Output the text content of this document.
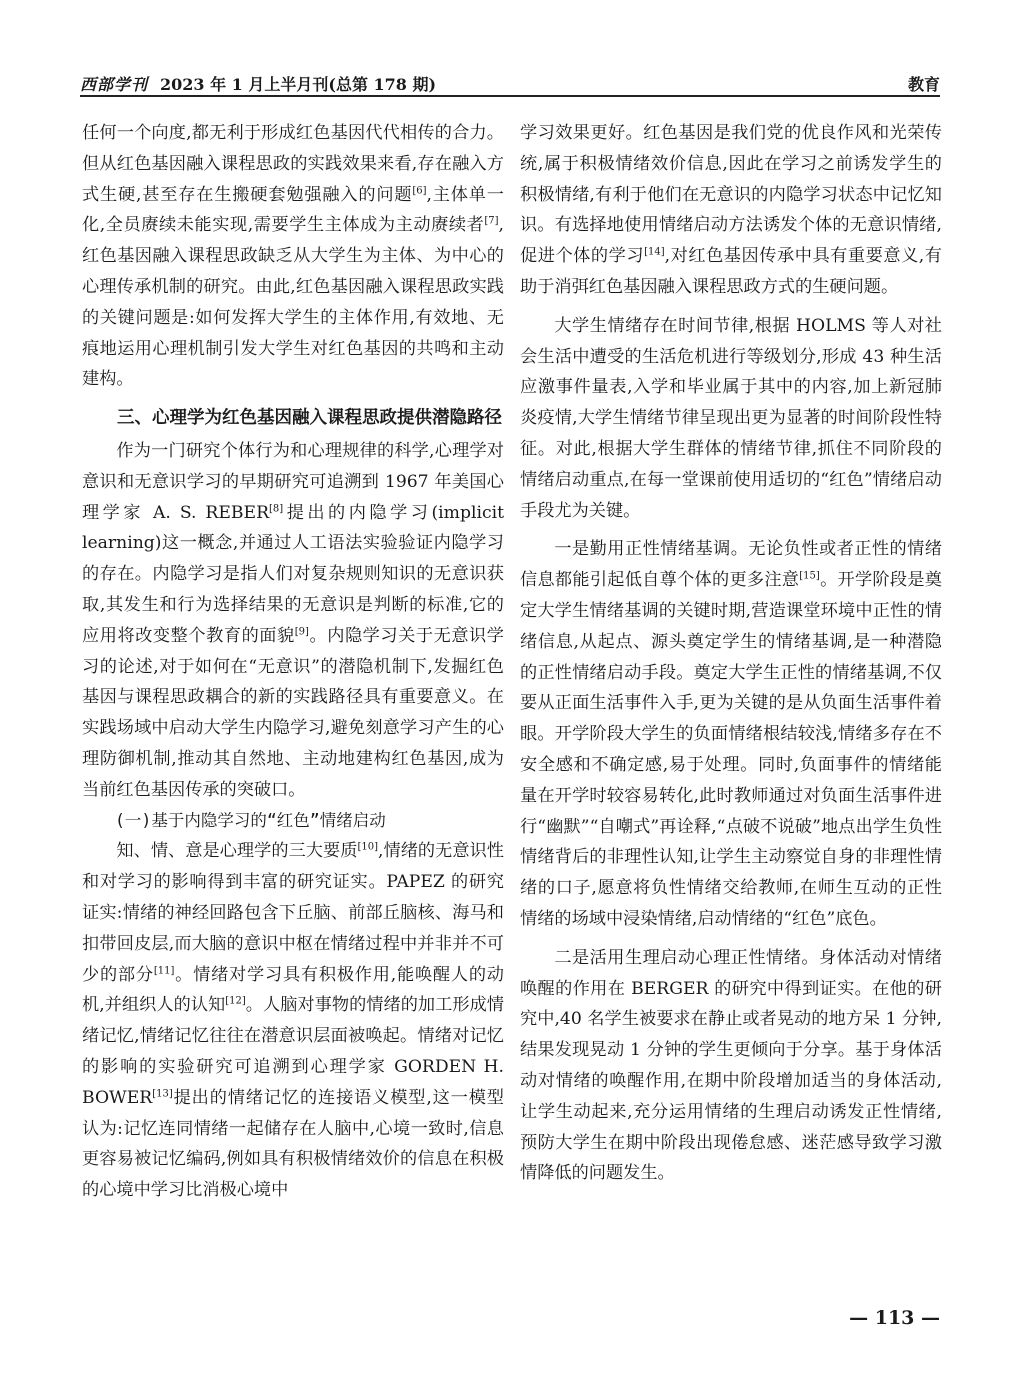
西部学刊 2023 年 1 月上半月刊(总第 178 期)	教育

任何一个向度,都无利于形成红色基因代代相传的合力。但从红色基因融入课程思政的实践效果来看,存在融入方式生硬,甚至存在生搬硬套勉强融入的问题[6],主体单一化,全员赓续未能实现,需要学生主体成为主动赓续者[7],红色基因融入课程思政缺乏从大学生为主体、为中心的心理传承机制的研究。由此,红色基因融入课程思政实践的关键问题是:如何发挥大学生的主体作用,有效地、无痕地运用心理机制引发大学生对红色基因的共鸣和主动建构。

三、心理学为红色基因融入课程思政提供潜隐路径

作为一门研究个体行为和心理规律的科学,心理学对意识和无意识学习的早期研究可追溯到 1967 年美国心理学家 A. S. REBER[8]提出的内隐学习(implicit learning)这一概念,并通过人工语法实验验证内隐学习的存在。内隐学习是指人们对复杂规则知识的无意识获取,其发生和行为选择结果的无意识是判断的标准,它的应用将改变整个教育的面貌[9]。内隐学习关于无意识学习的论述,对于如何在“无意识”的潜隐机制下,发掘红色基因与课程思政耦合的新的实践路径具有重要意义。在实践场域中启动大学生内隐学习,避免刻意学习产生的心理防御机制,推动其自然地、主动地建构红色基因,成为当前红色基因传承的突破口。

(一)基于内隐学习的“红色”情绪启动

知、情、意是心理学的三大要质[10],情绪的无意识性和对学习的影响得到丰富的研究证实。PAPEZ 的研究证实:情绪的神经回路包含下丘脑、前部丘脑核、海马和扣带回皮层,而大脑的意识中枢在情绪过程中并非并不可少的部分[11]。情绪对学习具有积极作用,能唤醒人的动机,并组织人的认知[12]。人脑对事物的情绪的加工形成情绪记忆,情绪记忆往往在潜意识层面被唤起。情绪对记忆的影响的实验研究可追溯到心理学家 GORDEN H. BOWER[13]提出的情绪记忆的连接语义模型,这一模型认为:记忆连同情绪一起储存在人脑中,心境一致时,信息更容易被记忆编码,例如具有积极情绪效价的信息在积极的心境中学习比消极心境中

学习效果更好。红色基因是我们党的优良作风和光荣传统,属于积极情绪效价信息,因此在学习之前诱发学生的积极情绪,有利于他们在无意识的内隐学习状态中记忆知识。有选择地使用情绪启动方法诱发个体的无意识情绪,促进个体的学习[14],对红色基因传承中具有重要意义,有助于消弭红色基因融入课程思政方式的生硬问题。

大学生情绪存在时间节律,根据 HOLMS 等人对社会生活中遭受的生活危机进行等级划分,形成 43 种生活应激事件量表,入学和毕业属于其中的内容,加上新冠肺炎疫情,大学生情绪节律呈现出更为显著的时间阶段性特征。对此,根据大学生群体的情绪节律,抓住不同阶段的情绪启动重点,在每一堂课前使用适切的“红色”情绪启动手段尤为关键。

一是勤用正性情绪基调。无论负性或者正性的情绪信息都能引起低自尊个体的更多注意[15]。开学阶段是奠定大学生情绪基调的关键时期,营造课堂环境中正性的情绪信息,从起点、源头奠定学生的情绪基调,是一种潜隐的正性情绪启动手段。奠定大学生正性的情绪基调,不仅要从正面生活事件入手,更为关键的是从负面生活事件着眼。开学阶段大学生的负面情绪根结较浅,情绪多存在不安全感和不确定感,易于处理。同时,负面事件的情绪能量在开学时较容易转化,此时教师通过对负面生活事件进行“幽默”“自嘲式”再诠释,“点破不说破”地点出学生负性情绪背后的非理性认知,让学生主动察觉自身的非理性情绪的口子,愿意将负性情绪交给教师,在师生互动的正性情绪的场域中浸染情绪,启动情绪的“红色”底色。

二是活用生理启动心理正性情绪。身体活动对情绪唤醒的作用在 BERGER 的研究中得到证实。在他的研究中,40 名学生被要求在静止或者晃动的地方呆 1 分钟,结果发现晃动 1 分钟的学生更倾向于分享。基于身体活动对情绪的唤醒作用,在期中阶段增加适当的身体活动,让学生动起来,充分运用情绪的生理启动诱发正性情绪,预防大学生在期中阶段出现倦怠感、迷茫感导致学习激情降低的问题发生。

— 113 —
